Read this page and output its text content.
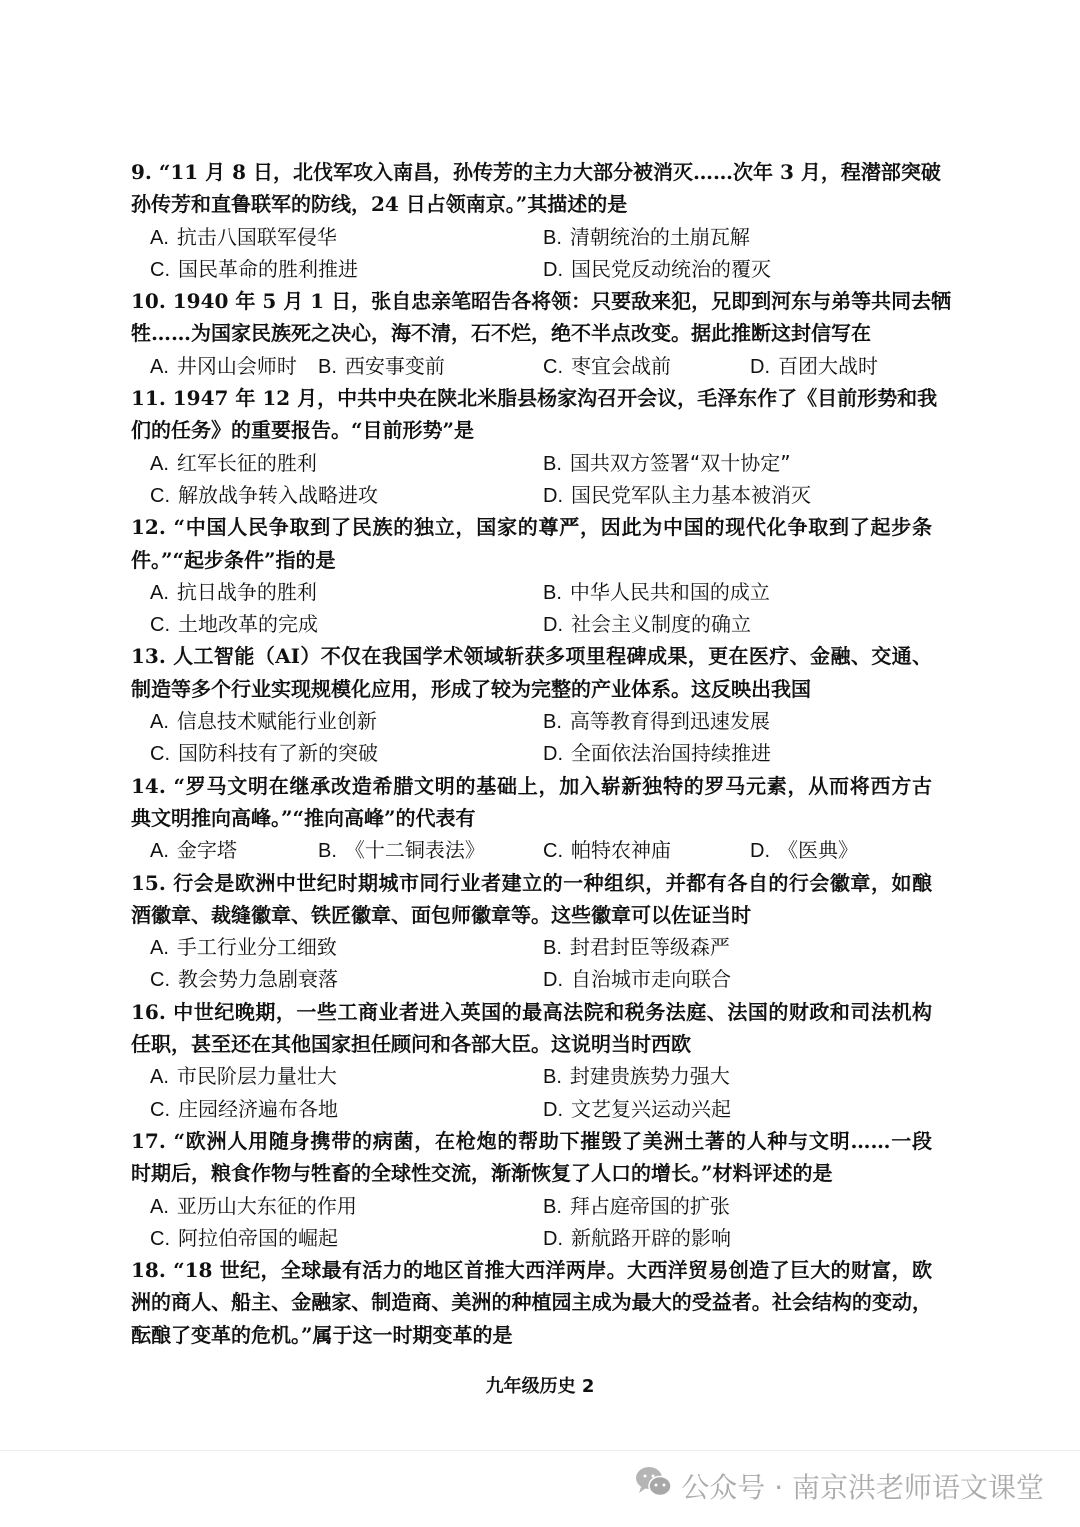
9. “11 月 8 日，北伐军攻入南昌，孙传芳的主力大部分被消灭……次年 3 月，程潜部突破
孙传芳和直鲁联军的防线，24 日占领南京。”其描述的是
A. 抗击八国联军侵华	B. 清朝统治的土崩瓦解
C. 国民革命的胜利推进	D. 国民党反动统治的覆灭
10. 1940 年 5 月 1 日，张自忠亲笔昭告各将领：只要敌来犯，兄即到河东与弟等共同去牺
牲……为国家民族死之决心，海不清，石不烂，绝不半点改变。据此推断这封信写在
A. 井冈山会师时 B. 西安事变前	C. 枣宜会战前	D. 百团大战时
11. 1947 年 12 月，中共中央在陕北米脂县杨家沟召开会议，毛泽东作了《目前形势和我
们的任务》的重要报告。“目前形势”是
A. 红军长征的胜利	B. 国共双方签署“双十协定”
C. 解放战争转入战略进攻	D. 国民党军队主力基本被消灭
12. “中国人民争取到了民族的独立，国家的尊严，因此为中国的现代化争取到了起步条
件。”“起步条件”指的是
A. 抗日战争的胜利	B. 中华人民共和国的成立
C. 土地改革的完成	D. 社会主义制度的确立
13. 人工智能（AI）不仅在我国学术领域斩获多项里程碑成果，更在医疗、金融、交通、
制造等多个行业实现规模化应用，形成了较为完整的产业体系。这反映出我国
A. 信息技术赋能行业创新	B. 高等教育得到迅速发展
C. 国防科技有了新的突破	D. 全面依法治国持续推进
14. “罗马文明在继承改造希腊文明的基础上，加入崭新独特的罗马元素，从而将西方古
典文明推向高峰。”“推向高峰”的代表有
A. 金字塔	B. 《十二铜表法》	C. 帕特农神庙	D. 《医典》
15. 行会是欧洲中世纪时期城市同行业者建立的一种组织，并都有各自的行会徽章，如酿
酒徽章、裁缝徽章、铁匠徽章、面包师徽章等。这些徽章可以佐证当时
A. 手工行业分工细致	B. 封君封臣等级森严
C. 教会势力急剧衰落	D. 自治城市走向联合
16. 中世纪晚期，一些工商业者进入英国的最高法院和税务法庭、法国的财政和司法机构
任职，甚至还在其他国家担任顾问和各部大臣。这说明当时西欧
A. 市民阶层力量壮大	B. 封建贵族势力强大
C. 庄园经济遍布各地	D. 文艺复兴运动兴起
17. “欧洲人用随身携带的病菌，在枪炮的帮助下摧毁了美洲土著的人种与文明……一段
时期后，粮食作物与牲畜的全球性交流，渐渐恢复了人口的增长。”材料评述的是
A. 亚历山大东征的作用	B. 拜占庭帝国的扩张
C. 阿拉伯帝国的崛起	D. 新航路开辟的影响
18. “18 世纪，全球最有活力的地区首推大西洋两岸。大西洋贸易创造了巨大的财富，欧
洲的商人、船主、金融家、制造商、美洲的种植园主成为最大的受益者。社会结构的变动，
酝酿了变革的危机。”属于这一时期变革的是
九年级历史 2
公众号 · 南京洪老师语文课堂
